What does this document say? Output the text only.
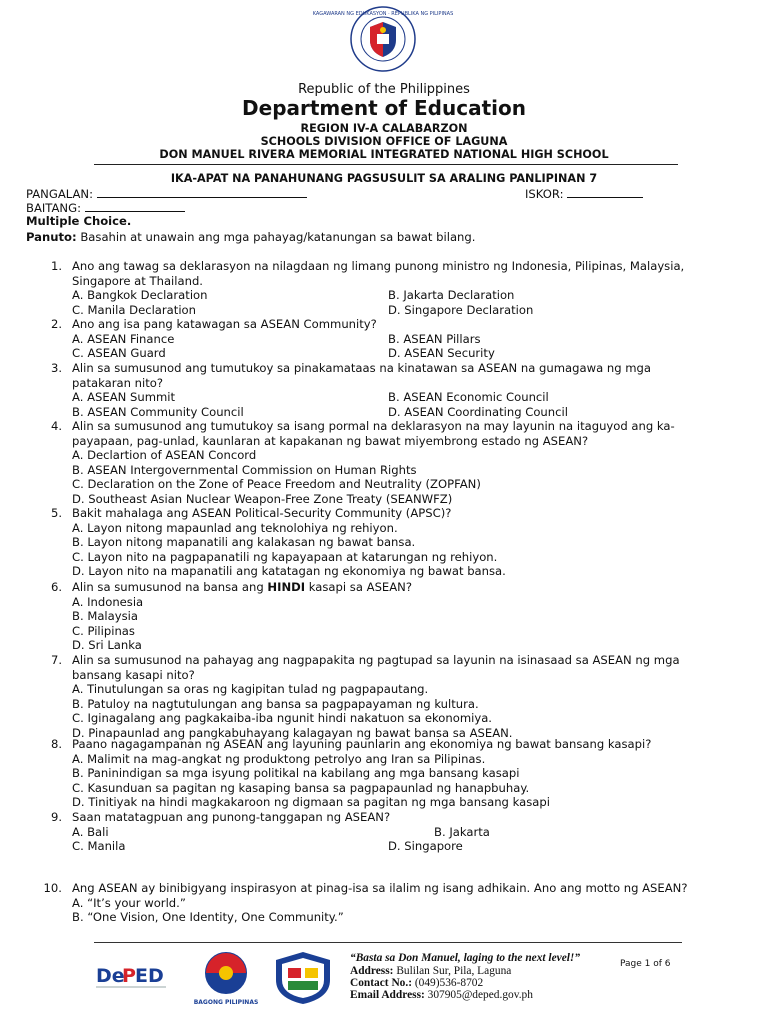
KAGAWARAN NG EDUKASYON · REPUBLIKA NG PILIPINAS
Republic of the Philippines
Department of Education
REGION IV-A CALABARZON
SCHOOLS DIVISION OFFICE OF LAGUNA
DON MANUEL RIVERA MEMORIAL INTEGRATED NATIONAL HIGH SCHOOL
IKA-APAT NA PANAHUNANG PAGSUSULIT SA ARALING PANLIPINAN 7
PANGALAN:	ISKOR:
BAITANG:
Multiple Choice.
Panuto: Basahin at unawain ang mga pahayag/katanungan sa bawat bilang.
1. Ano ang tawag sa deklarasyon na nilagdaan ng limang punong ministro ng Indonesia, Pilipinas, Malaysia,
Singapore at Thailand.
A. Bangkok Declaration	B. Jakarta Declaration
C. Manila Declaration	D. Singapore Declaration
2. Ano ang isa pang katawagan sa ASEAN Community?
A. ASEAN Finance	B. ASEAN Pillars
C. ASEAN Guard	D. ASEAN Security
3. Alin sa sumusunod ang tumutukoy sa pinakamataas na kinatawan sa ASEAN na gumagawa ng mga
patakaran nito?
A. ASEAN Summit	B. ASEAN Economic Council
B. ASEAN Community Council	D. ASEAN Coordinating Council
4. Alin sa sumusunod ang tumutukoy sa isang pormal na deklarasyon na may layunin na itaguyod ang ka-
payapaan, pag-unlad, kaunlaran at kapakanan ng bawat miyembrong estado ng ASEAN?
A. Declartion of ASEAN Concord
B. ASEAN Intergovernmental Commission on Human Rights
C. Declaration on the Zone of Peace Freedom and Neutrality (ZOPFAN)
D. Southeast Asian Nuclear Weapon-Free Zone Treaty (SEANWFZ)
5. Bakit mahalaga ang ASEAN Political-Security Community (APSC)?
A. Layon nitong mapaunlad ang teknolohiya ng rehiyon.
B. Layon nitong mapanatili ang kalakasan ng bawat bansa.
C. Layon nito na pagpapanatili ng kapayapaan at katarungan ng rehiyon.
D. Layon nito na mapanatili ang katatagan ng ekonomiya ng bawat bansa.
6. Alin sa sumusunod na bansa ang HINDI kasapi sa ASEAN?
A. Indonesia
B. Malaysia
C. Pilipinas
D. Sri Lanka
7. Alin sa sumusunod na pahayag ang nagpapakita ng pagtupad sa layunin na isinasaad sa ASEAN ng mga
bansang kasapi nito?
A. Tinutulungan sa oras ng kagipitan tulad ng pagpapautang.
B. Patuloy na nagtutulungan ang bansa sa pagpapayaman ng kultura.
C. Iginagalang ang pagkakaiba-iba ngunit hindi nakatuon sa ekonomiya.
D. Pinapaunlad ang pangkabuhayang kalagayan ng bawat bansa sa ASEAN.
8. Paano nagagampanan ng ASEAN ang layuning paunlarin ang ekonomiya ng bawat bansang kasapi?
A. Malimit na mag-angkat ng produktong petrolyo ang Iran sa Pilipinas.
B. Paninindigan sa mga isyung politikal na kabilang ang mga bansang kasapi
C. Kasunduan sa pagitan ng kasaping bansa sa pagpapaunlad ng hanapbuhay.
D. Tinitiyak na hindi magkakaroon ng digmaan sa pagitan ng mga bansang kasapi
9. Saan matatagpuan ang punong-tanggapan ng ASEAN?
A. Bali	B. Jakarta
C. Manila	D. Singapore
10. Ang ASEAN ay binibigyang inspirasyon at pinag-isa sa ilalim ng isang adhikain. Ano ang motto ng ASEAN?
A. “It’s your world.”
B. “One Vision, One Identity, One Community.”
De
P ED
BAGONG PILIPINAS
“Basta sa Don Manuel, laging to the next level!”
Address: Bulilan Sur, Pila, Laguna
Contact No.: (049)536-8702
Email Address: 307905@deped.gov.ph
Page 1 of 6
